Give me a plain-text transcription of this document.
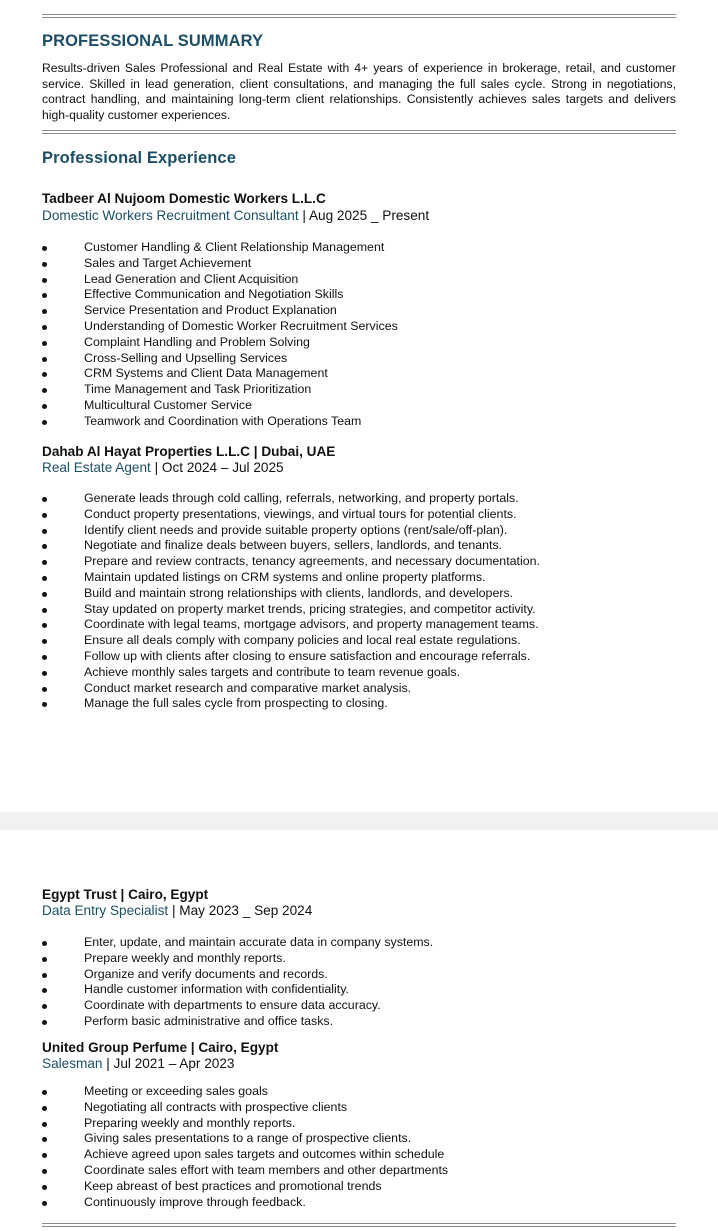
PROFESSIONAL SUMMARY

Results-driven Sales Professional and Real Estate with 4+ years of experience in brokerage, retail, and customer service. Skilled in lead generation, client consultations, and managing the full sales cycle. Strong in negotiations, contract handling, and maintaining long-term client relationships. Consistently achieves sales targets and delivers high-quality customer experiences.

Professional Experience
Tadbeer Al Nujoom Domestic Workers L.L.C
Domestic Workers Recruitment Consultant | Aug 2025 _ Present
Customer Handling & Client Relationship Management
Sales and Target Achievement
Lead Generation and Client Acquisition
Effective Communication and Negotiation Skills
Service Presentation and Product Explanation
Understanding of Domestic Worker Recruitment Services
Complaint Handling and Problem Solving
Cross-Selling and Upselling Services
CRM Systems and Client Data Management
Time Management and Task Prioritization
Multicultural Customer Service
Teamwork and Coordination with Operations Team
Dahab Al Hayat Properties L.L.C | Dubai, UAE
Real Estate Agent | Oct 2024 – Jul 2025
Generate leads through cold calling, referrals, networking, and property portals.
Conduct property presentations, viewings, and virtual tours for potential clients.
Identify client needs and provide suitable property options (rent/sale/off-plan).
Negotiate and finalize deals between buyers, sellers, landlords, and tenants.
Prepare and review contracts, tenancy agreements, and necessary documentation.
Maintain updated listings on CRM systems and online property platforms.
Build and maintain strong relationships with clients, landlords, and developers.
Stay updated on property market trends, pricing strategies, and competitor activity.
Coordinate with legal teams, mortgage advisors, and property management teams.
Ensure all deals comply with company policies and local real estate regulations.
Follow up with clients after closing to ensure satisfaction and encourage referrals.
Achieve monthly sales targets and contribute to team revenue goals.
Conduct market research and comparative market analysis.
Manage the full sales cycle from prospecting to closing.
Egypt Trust | Cairo, Egypt
Data Entry Specialist | May 2023 _ Sep 2024
Enter, update, and maintain accurate data in company systems.
Prepare weekly and monthly reports.
Organize and verify documents and records.
Handle customer information with confidentiality.
Coordinate with departments to ensure data accuracy.
Perform basic administrative and office tasks.
United Group Perfume | Cairo, Egypt
Salesman | Jul 2021 – Apr 2023
Meeting or exceeding sales goals
Negotiating all contracts with prospective clients
Preparing weekly and monthly reports.
Giving sales presentations to a range of prospective clients.
Achieve agreed upon sales targets and outcomes within schedule
Coordinate sales effort with team members and other departments
Keep abreast of best practices and promotional trends
Continuously improve through feedback.
